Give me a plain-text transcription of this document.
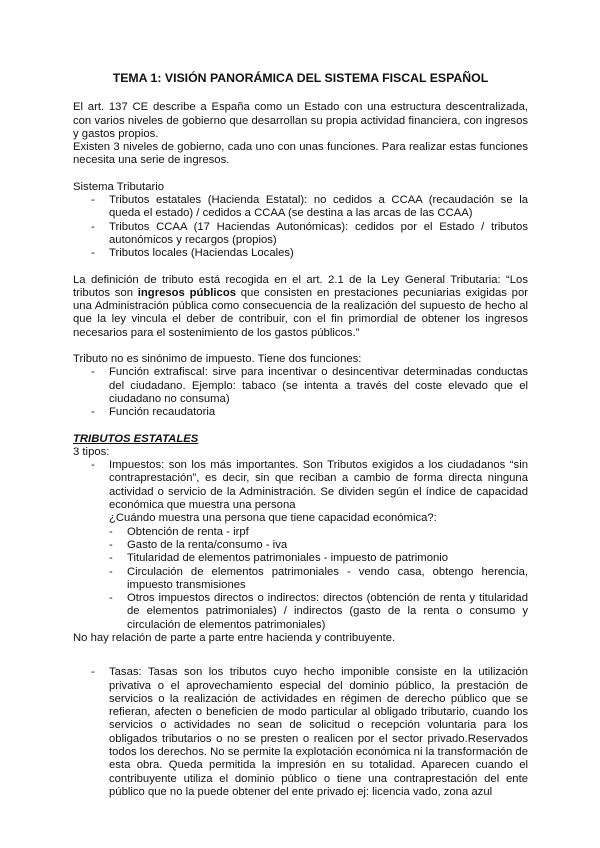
TEMA 1: VISIÓN PANORÁMICA DEL SISTEMA FISCAL ESPAÑOL

El art. 137 CE describe a España como un Estado con una estructura descentralizada, con varios niveles de gobierno que desarrollan su propia actividad financiera, con ingresos y gastos propios.

Existen 3 niveles de gobierno, cada uno con unas funciones. Para realizar estas funciones necesita una serie de ingresos.

Sistema Tributario

- Tributos estatales (Hacienda Estatal): no cedidos a CCAA (recaudación se la queda el estado) / cedidos a CCAA (se destina a las arcas de las CCAA)
- Tributos CCAA (17 Haciendas Autonómicas): cedidos por el Estado / tributos autonómicos y recargos (propios)
- Tributos locales (Haciendas Locales)

La definición de tributo está recogida en el art. 2.1 de la Ley General Tributaria: “Los tributos son ingresos públicos que consisten en prestaciones pecuniarias exigidas por una Administración pública como consecuencia de la realización del supuesto de hecho al que la ley vincula el deber de contribuir, con el fin primordial de obtener los ingresos necesarios para el sostenimiento de los gastos públicos.”

Tributo no es sinónimo de impuesto. Tiene dos funciones:

- Función extrafiscal: sirve para incentivar o desincentivar determinadas conductas del ciudadano. Ejemplo: tabaco (se intenta a través del coste elevado que el ciudadano no consuma)
- Función recaudatoria

TRIBUTOS ESTATALES

3 tipos:

- Impuestos: son los más importantes. Son Tributos exigidos a los ciudadanos “sin contraprestación”, es decir, sin que reciban a cambio de forma directa ninguna actividad o servicio de la Administración. Se dividen según el índice de capacidad económica que muestra una persona
¿Cuándo muestra una persona que tiene capacidad económica?:
- Obtención de renta - irpf
- Gasto de la renta/consumo - iva
- Titularidad de elementos patrimoniales - impuesto de patrimonio
- Circulación de elementos patrimoniales - vendo casa, obtengo herencia, impuesto transmisiones
- Otros impuestos directos o indirectos: directos (obtención de renta y titularidad de elementos patrimoniales) / indirectos (gasto de la renta o consumo y circulación de elementos patrimoniales)

No hay relación de parte a parte entre hacienda y contribuyente.

- Tasas: Tasas son los tributos cuyo hecho imponible consiste en la utilización privativa o el aprovechamiento especial del dominio público, la prestación de servicios o la realización de actividades en régimen de derecho público que se refieran, afecten o beneficien de modo particular al obligado tributario, cuando los servicios o actividades no sean de solicitud o recepción voluntaria para los obligados tributarios o no se presten o realicen por el sector privado.Reservados todos los derechos. No se permite la explotación económica ni la transformación de esta obra. Queda permitida la impresión en su totalidad. Aparecen cuando el contribuyente utiliza el dominio público o tiene una contraprestación del ente público que no la puede obtener del ente privado ej: licencia vado, zona azul
